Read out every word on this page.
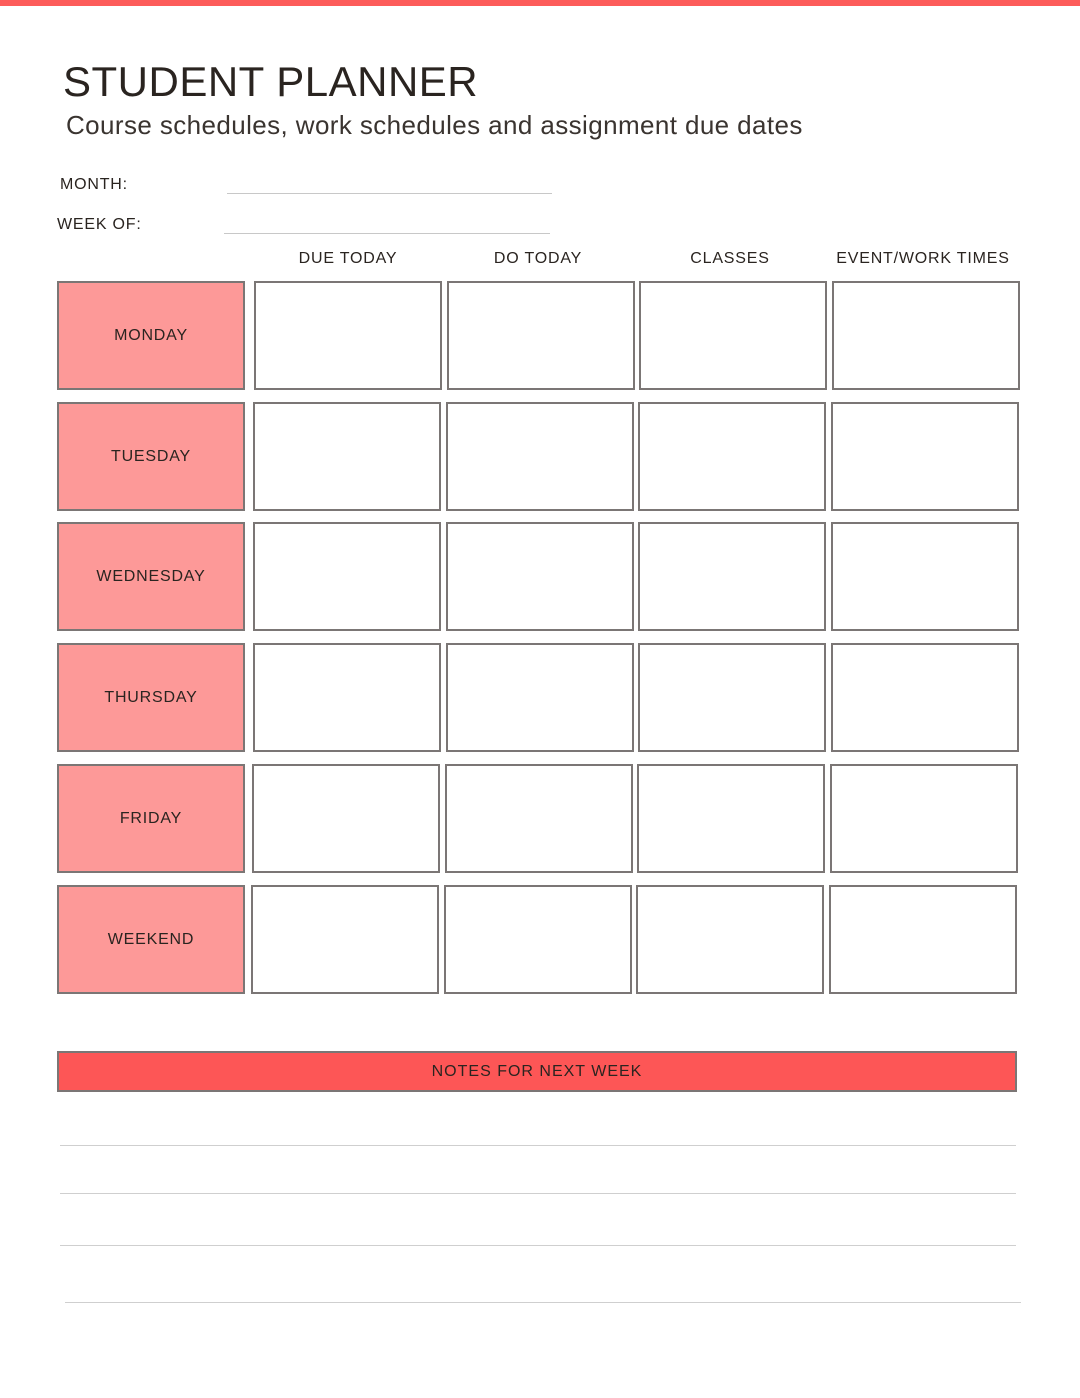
STUDENT PLANNER

Course schedules, work schedules and assignment due dates

MONTH:
WEEK OF:
DUE TODAY	DO TODAY	CLASSES	EVENT/WORK TIMES
MONDAY
TUESDAY
WEDNESDAY
THURSDAY
FRIDAY
WEEKEND
NOTES FOR NEXT WEEK
